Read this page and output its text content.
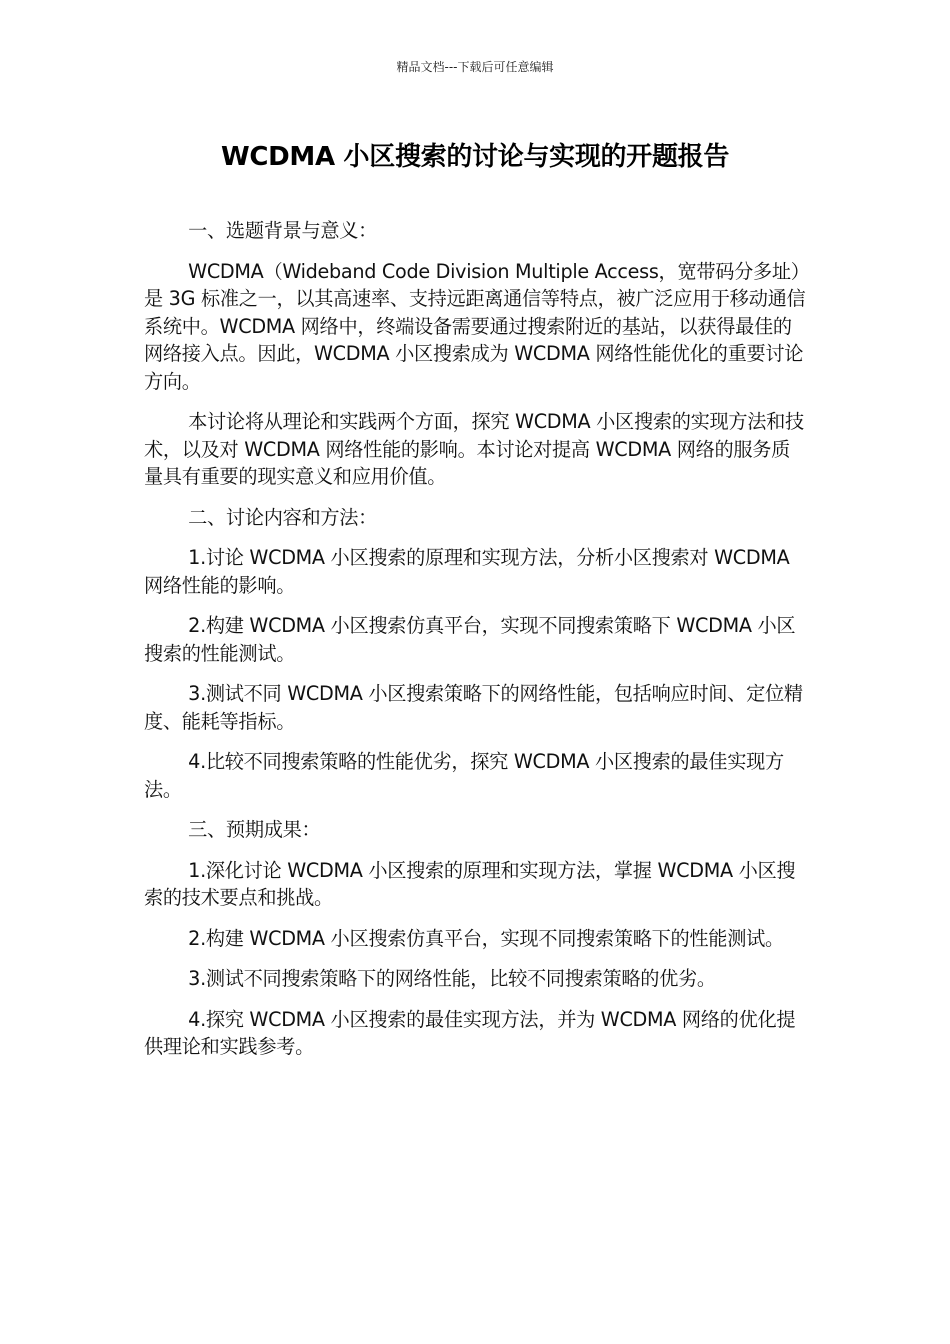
精品文档---下载后可任意编辑
WCDMA 小区搜索的讨论与实现的开题报告

一、选题背景与意义：

WCDMA（Wideband Code Division Multiple Access，宽带码分多址）是 3G 标准之一，以其高速率、支持远距离通信等特点，被广泛应用于移动通信系统中。WCDMA 网络中，终端设备需要通过搜索附近的基站，以获得最佳的网络接入点。因此，WCDMA 小区搜索成为 WCDMA 网络性能优化的重要讨论方向。

本讨论将从理论和实践两个方面，探究 WCDMA 小区搜索的实现方法和技术，以及对 WCDMA 网络性能的影响。本讨论对提高 WCDMA 网络的服务质量具有重要的现实意义和应用价值。

二、讨论内容和方法：

1.讨论 WCDMA 小区搜索的原理和实现方法，分析小区搜索对 WCDMA 网络性能的影响。

2.构建 WCDMA 小区搜索仿真平台，实现不同搜索策略下 WCDMA 小区搜索的性能测试。

3.测试不同 WCDMA 小区搜索策略下的网络性能，包括响应时间、定位精度、能耗等指标。

4.比较不同搜索策略的性能优劣，探究 WCDMA 小区搜索的最佳实现方法。

三、预期成果：

1.深化讨论 WCDMA 小区搜索的原理和实现方法，掌握 WCDMA 小区搜索的技术要点和挑战。

2.构建 WCDMA 小区搜索仿真平台，实现不同搜索策略下的性能测试。

3.测试不同搜索策略下的网络性能，比较不同搜索策略的优劣。

4.探究 WCDMA 小区搜索的最佳实现方法，并为 WCDMA 网络的优化提供理论和实践参考。
